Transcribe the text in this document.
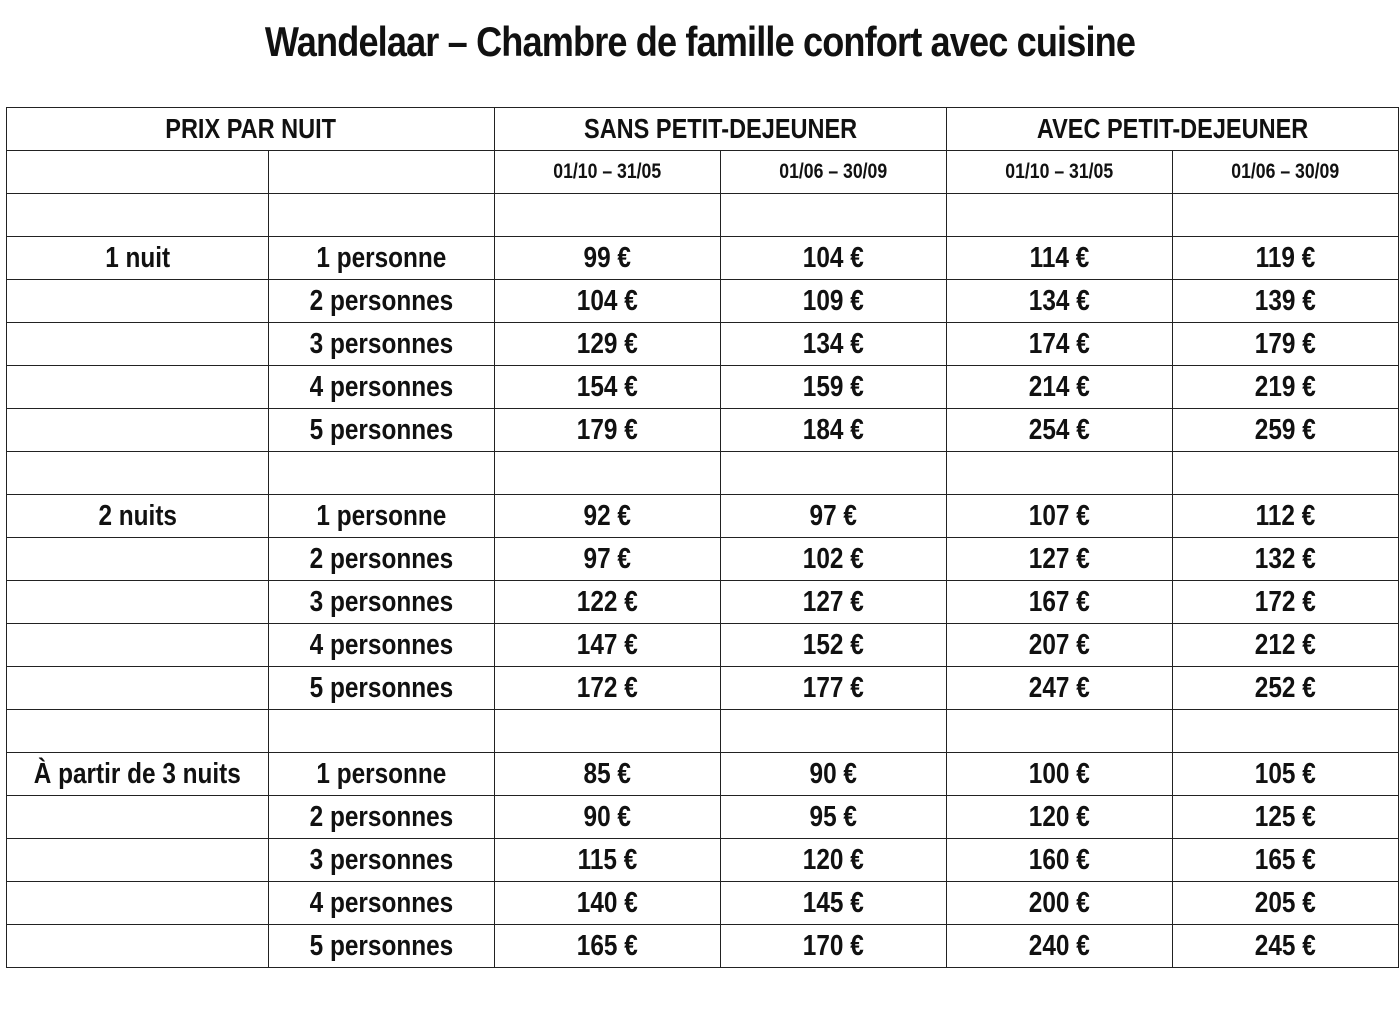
Wandelaar – Chambre de famille confort avec cuisine
PRIX PAR NUIT		SANS PETIT-DEJEUNER		AVEC PETIT-DEJEUNER	
		01/10 – 31/05	01/06 – 30/09	01/10 – 31/05	01/06 – 30/09

1 nuit	1 personne	99 €	104 €	114 €	119 €
	2 personnes	104 €	109 €	134 €	139 €
	3 personnes	129 €	134 €	174 €	179 €
	4 personnes	154 €	159 €	214 €	219 €
	5 personnes	179 €	184 €	254 €	259 €

2 nuits	1 personne	92 €	97 €	107 €	112 €
	2 personnes	97 €	102 €	127 €	132 €
	3 personnes	122 €	127 €	167 €	172 €
	4 personnes	147 €	152 €	207 €	212 €
	5 personnes	172 €	177 €	247 €	252 €

À partir de 3 nuits	1 personne	85 €	90 €	100 €	105 €
	2 personnes	90 €	95 €	120 €	125 €
	3 personnes	115 €	120 €	160 €	165 €
	4 personnes	140 €	145 €	200 €	205 €
	5 personnes	165 €	170 €	240 €	245 €
